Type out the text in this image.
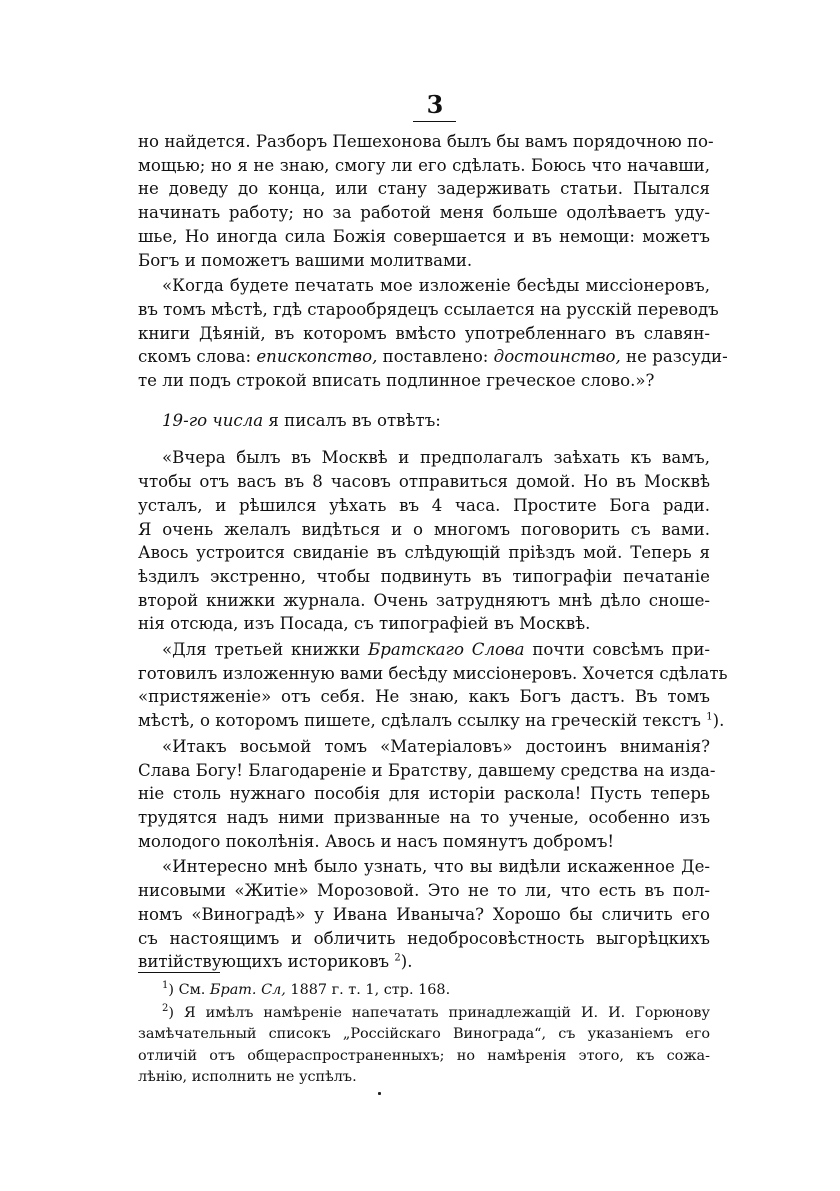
3
но найдется. Разборъ Пешехонова былъ бы вамъ порядочною по-
мощью; но я не знаю, смогу ли его сдѣлать. Боюсь что начавши,
не доведу до конца, или стану задерживать статьи. Пытался
начинать работу; но за работой меня больше одолѣваетъ уду-
шье, Но иногда сила Божія совершается и въ немощи: можетъ
Богъ и поможетъ вашими молитвами.
«Когда будете печатать мое изложеніе бесѣды миссіонеровъ,
въ томъ мѣстѣ, гдѣ старообрядецъ ссылается на русскій переводъ
книги Дѣяній, въ которомъ вмѣсто употребленнаго въ славян-
скомъ слова: епископство, поставлено: достоинство, не разсуди-
те ли подъ строкой вписать подлинное греческое слово.»?
19-го числа я писалъ въ отвѣтъ:
«Вчера былъ въ Москвѣ и предполагалъ заѣхать къ вамъ,
чтобы отъ васъ въ 8 часовъ отправиться домой. Но въ Москвѣ
усталъ, и рѣшился уѣхать въ 4 часа. Простите Бога ради.
Я очень желалъ видѣться и о многомъ поговорить съ вами.
Авось устроится свиданіе въ слѣдующій пріѣздъ мой. Теперь я
ѣздилъ экстренно, чтобы подвинуть въ типографіи печатаніе
второй книжки журнала. Очень затрудняютъ мнѣ дѣло сноше-
нія отсюда, изъ Посада, съ типографіей въ Москвѣ.
«Для третьей книжки Братскаго Слова почти совсѣмъ при-
готовилъ изложенную вами бесѣду миссіонеровъ. Хочется сдѣлать
«пристяженіе» отъ себя. Не знаю, какъ Богъ дастъ. Въ томъ
мѣстѣ, о которомъ пишете, сдѣлалъ ссылку на греческій текстъ $^1$).
«Итакъ восьмой томъ «Матеріаловъ» достоинъ вниманія?
Слава Богу! Благодареніе и Братству, давшему средства на изда-
ніе столь нужнаго пособія для исторіи раскола! Пусть теперь
трудятся надъ ними призванные на то ученые, особенно изъ
молодого поколѣнія. Авось и насъ помянутъ добромъ!
«Интересно мнѣ было узнать, что вы видѣли искаженное Де-
нисовыми «Житіе» Морозовой. Это не то ли, что есть въ пол-
номъ «Виноградѣ» у Ивана Иваныча? Хорошо бы сличить его
съ настоящимъ и обличить недобросовѣстность выгорѣцкихъ
витійствующихъ историковъ $^2$).
$^1$) См. Брат. Сл, 1887 г. т. 1, стр. 168.
$^2$) Я имѣлъ намѣреніе напечатать принадлежащій И. И. Горюнову
замѣчательный списокъ „Россійскаго Винограда“, съ указаніемъ его
отличій отъ общераспространенныхъ; но намѣренія этого, къ сожа-
лѣнію, исполнить не успѣлъ.
